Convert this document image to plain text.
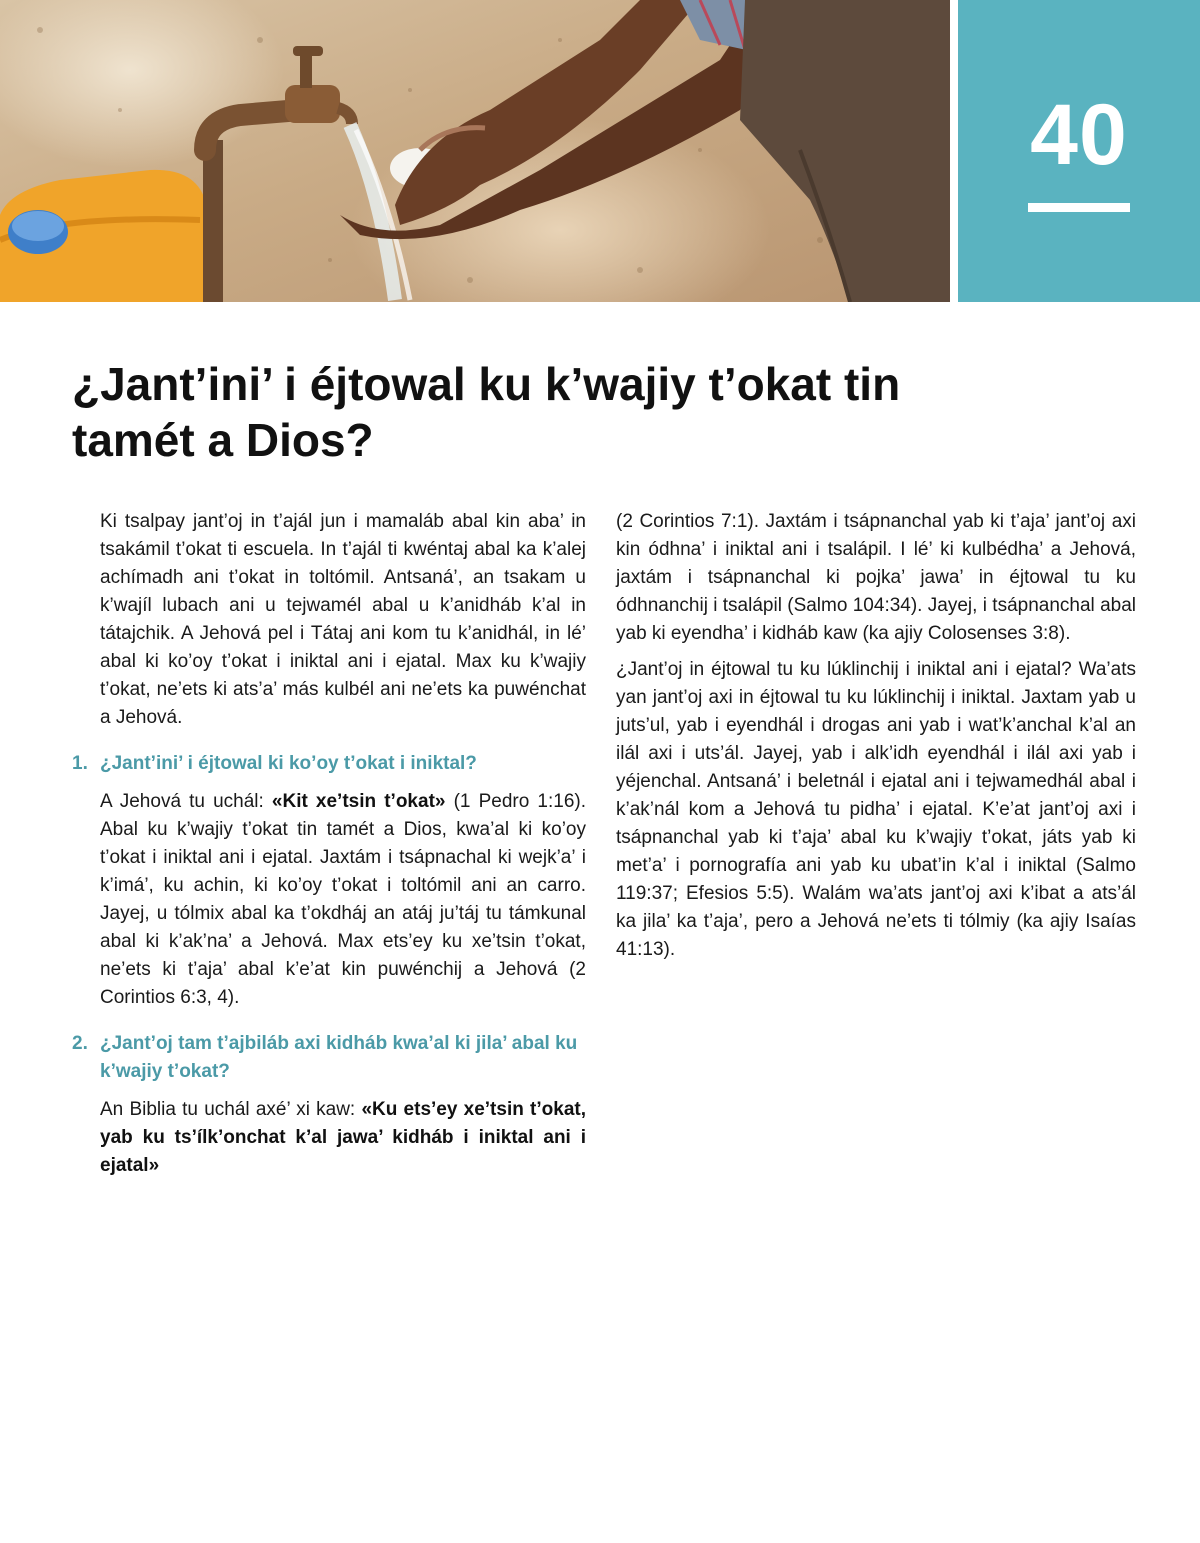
40
¿Jant’ini’ i éjtowal ku k’wajiy t’okat tin tamét a Dios?

Ki tsalpay jant’oj in t’ajál jun i mamaláb abal kin aba’ in tsakámil t’okat ti escuela. In t’ajál ti kwéntaj abal ka k’alej achímadh ani t’okat in toltómil. Antsaná’, an tsakam u k’wajíl lubach ani u tejwamél abal u k’anidháb k’al in tátajchik. A Jehová pel i Tátaj ani kom tu k’anidhál, in lé’ abal ki ko’oy t’okat i iniktal ani i ejatal. Max ku k’wajiy t’okat, ne’ets ki ats’a’ más kulbél ani ne’ets ka puwénchat a Jehová.

1. ¿Jant’ini’ i éjtowal ki ko’oy t’okat i iniktal?

A Jehová tu uchál: «Kit xe’tsin t’okat» (1 Pedro 1:16). Abal ku k’wajiy t’okat tin tamét a Dios, kwa’al ki ko’oy t’okat i iniktal ani i ejatal. Jaxtám i tsápnachal ki wejk’a’ i k’imá’, ku achin, ki ko’oy t’okat i toltómil ani an carro. Jayej, u tólmix abal ka t’okdháj an atáj ju’táj tu támkunal abal ki k’ak’na’ a Jehová. Max ets’ey ku xe’tsin t’okat, ne’ets ki t’aja’ abal k’e’at kin puwénchij a Jehová (2 Corintios 6:3, 4).

2. ¿Jant’oj tam t’ajbiláb axi kidháb kwa’al ki jila’ abal ku k’wajiy t’okat?

An Biblia tu uchál axé’ xi kaw: «Ku ets’ey xe’tsin t’okat, yab ku ts’ílk’onchat k’al jawa’ kidháb i iniktal ani i ejatal»

(2 Corintios 7:1). Jaxtám i tsápnanchal yab ki t’aja’ jant’oj axi kin ódhna’ i iniktal ani i tsalápil. I lé’ ki kulbédha’ a Jehová, jaxtám i tsápnanchal ki pojka’ jawa’ in éjtowal tu ku ódhnanchij i tsalápil (Salmo 104:34). Jayej, i tsápnanchal abal yab ki eyendha’ i kidháb kaw (ka ajiy Colosenses 3:8).

¿Jant’oj in éjtowal tu ku lúklinchij i iniktal ani i ejatal? Wa’ats yan jant’oj axi in éjtowal tu ku lúklinchij i iniktal. Jaxtam yab u juts’ul, yab i eyendhál i drogas ani yab i wat’k’anchal k’al an ilál axi i uts’ál. Jayej, yab i alk’idh eyendhál i ilál axi yab i yéjenchal. Antsaná’ i beletnál i ejatal ani i tejwamedhál abal i k’ak’nál kom a Jehová tu pidha’ i ejatal. K’e’at jant’oj axi i tsápnanchal yab ki t’aja’ abal ku k’wajiy t’okat, játs yab ki met’a’ i pornografía ani yab ku ubat’in k’al i iniktal (Salmo 119:37; Efesios 5:5). Walám wa’ats jant’oj axi k’ibat a ats’ál ka jila’ ka t’aja’, pero a Jehová ne’ets ti tólmiy (ka ajiy Isaías 41:13).
